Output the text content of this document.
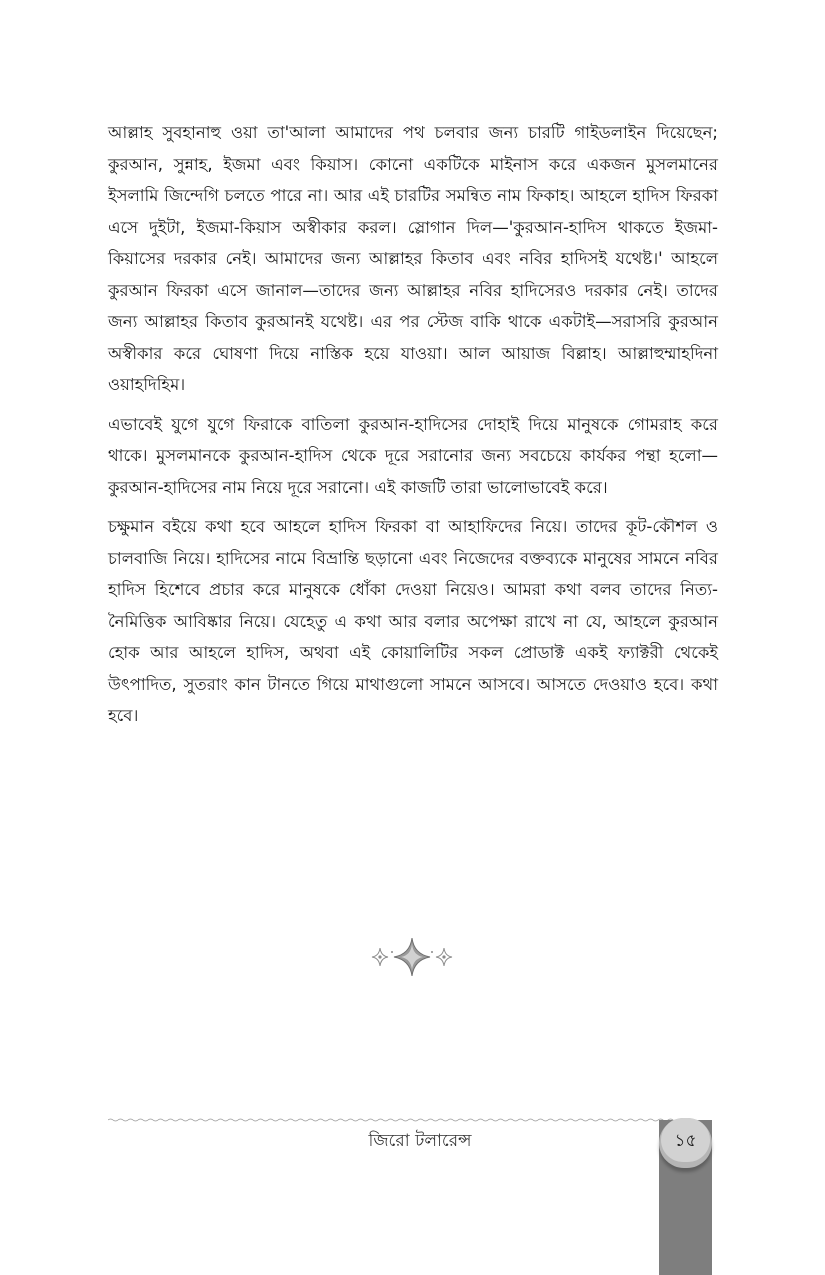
আল্লাহ সুবহানাহু ওয়া তা'আলা আমাদের পথ চলবার জন্য চারটি গাইডলাইন দিয়েছেন; কুরআন, সুন্নাহ, ইজমা এবং কিয়াস। কোনো একটিকে মাইনাস করে একজন মুসলমানের ইসলামি জিন্দেগি চলতে পারে না। আর এই চারটির সমন্বিত নাম ফিকাহ। আহলে হাদিস ফিরকা এসে দুইটা, ইজমা-কিয়াস অস্বীকার করল। স্লোগান দিল—'কুরআন-হাদিস থাকতে ইজমা-কিয়াসের দরকার নেই। আমাদের জন্য আল্লাহর কিতাব এবং নবির হাদিসই যথেষ্ট।' আহলে কুরআন ফিরকা এসে জানাল—তাদের জন্য আল্লাহর নবির হাদিসেরও দরকার নেই। তাদের জন্য আল্লাহর কিতাব কুরআনই যথেষ্ট। এর পর স্টেজ বাকি থাকে একটাই—সরাসরি কুরআন অস্বীকার করে ঘোষণা দিয়ে নাস্তিক হয়ে যাওয়া। আল আয়াজ বিল্লাহ। আল্লাহুম্মাহদিনা ওয়াহদিহিম।

এভাবেই যুগে যুগে ফিরাকে বাতিলা কুরআন-হাদিসের দোহাই দিয়ে মানুষকে গোমরাহ করে থাকে। মুসলমানকে কুরআন-হাদিস থেকে দূরে সরানোর জন্য সবচেয়ে কার্যকর পন্থা হলো—কুরআন-হাদিসের নাম নিয়ে দূরে সরানো। এই কাজটি তারা ভালোভাবেই করে।

চক্ষুমান বইয়ে কথা হবে আহলে হাদিস ফিরকা বা আহাফিদের নিয়ে। তাদের কূট-কৌশল ও চালবাজি নিয়ে। হাদিসের নামে বিভ্রান্তি ছড়ানো এবং নিজেদের বক্তব্যকে মানুষের সামনে নবির হাদিস হিশেবে প্রচার করে মানুষকে ধোঁকা দেওয়া নিয়েও। আমরা কথা বলব তাদের নিত্য-নৈমিত্তিক আবিষ্কার নিয়ে। যেহেতু এ কথা আর বলার অপেক্ষা রাখে না যে, আহলে কুরআন হোক আর আহলে হাদিস, অথবা এই কোয়ালিটির সকল প্রোডাক্ট একই ফ্যাক্টরী থেকেই উৎপাদিত, সুতরাং কান টানতে গিয়ে মাথাগুলো সামনে আসবে। আসতে দেওয়াও হবে। কথা হবে।

জিরো টলারেন্স	১৫
